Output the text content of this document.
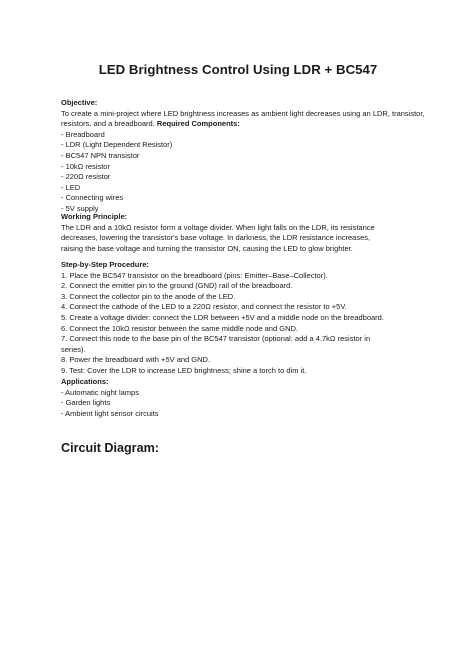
LED Brightness Control Using LDR + BC547
Objective:
To create a mini-project where LED brightness increases as ambient light decreases using an LDR, transistor, resistors, and a breadboard. Required Components:
- Breadboard
- LDR (Light Dependent Resistor)
- BC547 NPN transistor
- 10kΩ resistor
- 220Ω resistor
- LED
- Connecting wires
- 5V supply
Working Principle:
The LDR and a 10kΩ resistor form a voltage divider. When light falls on the LDR, its resistance
decreases, lowering the transistor's base voltage. In darkness, the LDR resistance increases,
raising the base voltage and turning the transistor ON, causing the LED to glow brighter.
Step-by-Step Procedure:
1. Place the BC547 transistor on the breadboard (pins: Emitter–Base–Collector).
2. Connect the emitter pin to the ground (GND) rail of the breadboard.
3. Connect the collector pin to the anode of the LED.
4. Connect the cathode of the LED to a 220Ω resistor, and connect the resistor to +5V.
5. Create a voltage divider: connect the LDR between +5V and a middle node on the breadboard.
6. Connect the 10kΩ resistor between the same middle node and GND.
7. Connect this node to the base pin of the BC547 transistor (optional: add a 4.7kΩ resistor in
series).
8. Power the breadboard with +5V and GND.
9. Test: Cover the LDR to increase LED brightness; shine a torch to dim it.
Applications:
- Automatic night lamps
- Garden lights
- Ambient light sensor circuits
Circuit Diagram:
